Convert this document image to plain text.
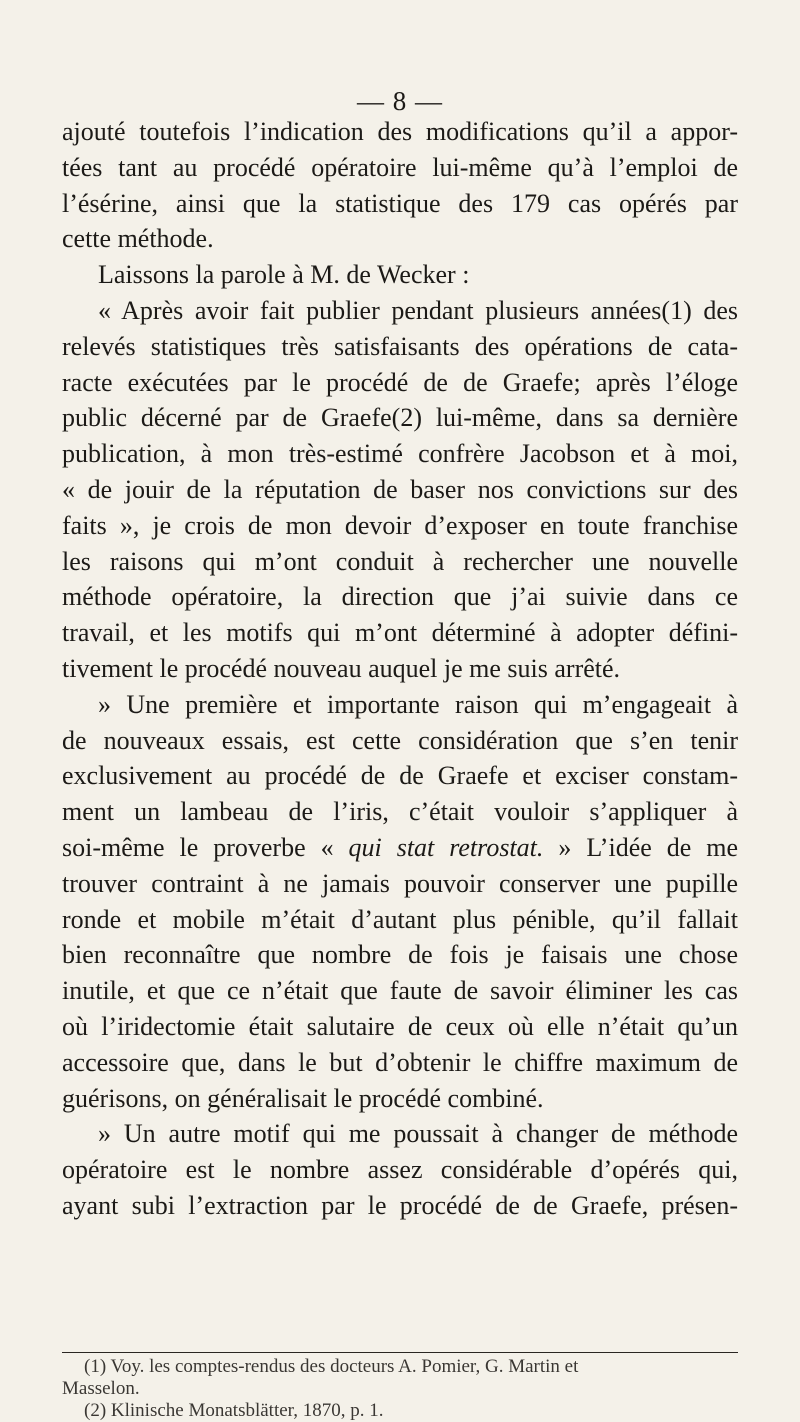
— 8 —
ajouté toutefois l’indication des modifications qu’il a appor-
tées tant au procédé opératoire lui-même qu’à l’emploi de
l’ésérine, ainsi que la statistique des 179 cas opérés par
cette méthode.
Laissons la parole à M. de Wecker :
« Après avoir fait publier pendant plusieurs années(1) des
relevés statistiques très satisfaisants des opérations de cata-
racte exécutées par le procédé de de Graefe; après l’éloge
public décerné par de Graefe(2) lui-même, dans sa dernière
publication, à mon très-estimé confrère Jacobson et à moi,
« de jouir de la réputation de baser nos convictions sur des
faits », je crois de mon devoir d’exposer en toute franchise
les raisons qui m’ont conduit à rechercher une nouvelle
méthode opératoire, la direction que j’ai suivie dans ce
travail, et les motifs qui m’ont déterminé à adopter défini-
tivement le procédé nouveau auquel je me suis arrêté.
» Une première et importante raison qui m’engageait à
de nouveaux essais, est cette considération que s’en tenir
exclusivement au procédé de de Graefe et exciser constam-
ment un lambeau de l’iris, c’était vouloir s’appliquer à
soi-même le proverbe « qui stat retrostat. » L’idée de me
trouver contraint à ne jamais pouvoir conserver une pupille
ronde et mobile m’était d’autant plus pénible, qu’il fallait
bien reconnaître que nombre de fois je faisais une chose
inutile, et que ce n’était que faute de savoir éliminer les cas
où l’iridectomie était salutaire de ceux où elle n’était qu’un
accessoire que, dans le but d’obtenir le chiffre maximum de
guérisons, on généralisait le procédé combiné.
» Un autre motif qui me poussait à changer de méthode
opératoire est le nombre assez considérable d’opérés qui,
ayant subi l’extraction par le procédé de de Graefe, présen-
(1) Voy. les comptes-rendus des docteurs A. Pomier, G. Martin et
Masselon.
(2) Klinische Monatsblätter, 1870, p. 1.
